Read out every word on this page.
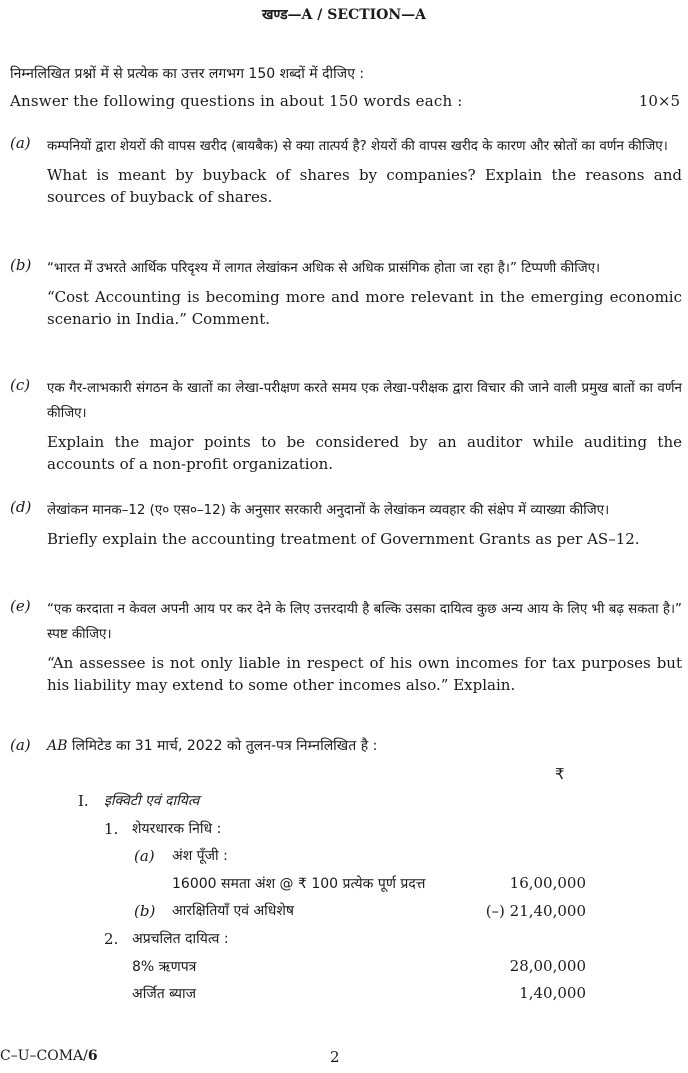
खण्ड—A / SECTION—A
निम्नलिखित प्रश्नों में से प्रत्येक का उत्तर लगभग 150 शब्दों में दीजिए :
Answer the following questions in about 150 words each :	10×5
(a) कम्पनियों द्वारा शेयरों की वापस खरीद (बायबैक) से क्या तात्पर्य है? शेयरों की वापस खरीद के कारण और स्रोतों का वर्णन कीजिए।
What is meant by buyback of shares by companies? Explain the reasons and sources of buyback of shares.
(b) “भारत में उभरते आर्थिक परिदृश्य में लागत लेखांकन अधिक से अधिक प्रासंगिक होता जा रहा है।” टिप्पणी कीजिए।
“Cost Accounting is becoming more and more relevant in the emerging economic scenario in India.” Comment.
(c) एक गैर-लाभकारी संगठन के खातों का लेखा-परीक्षण करते समय एक लेखा-परीक्षक द्वारा विचार की जाने वाली प्रमुख बातों का वर्णन कीजिए।
Explain the major points to be considered by an auditor while auditing the accounts of a non-profit organization.
(d) लेखांकन मानक–12 (ए० एस०–12) के अनुसार सरकारी अनुदानों के लेखांकन व्यवहार की संक्षेप में व्याख्या कीजिए।
Briefly explain the accounting treatment of Government Grants as per AS–12.
(e) “एक करदाता न केवल अपनी आय पर कर देने के लिए उत्तरदायी है बल्कि उसका दायित्व कुछ अन्य आय के लिए भी बढ़ सकता है।” स्पष्ट कीजिए।
“An assessee is not only liable in respect of his own incomes for tax purposes but his liability may extend to some other incomes also.” Explain.
(a) AB लिमिटेड का 31 मार्च, 2022 को तुलन-पत्र निम्नलिखित है :
₹
I. इक्विटी एवं दायित्व
1. शेयरधारक निधि :
(a) अंश पूँजी :
16000 समता अंश @ ₹ 100 प्रत्येक पूर्ण प्रदत्त	16,00,000
(b) आरक्षितियाँ एवं अधिशेष	(–) 21,40,000
2. अप्रचलित दायित्व :
8% ऋणपत्र	28,00,000
अर्जित ब्याज	1,40,000
C–U–COMA/6	2
